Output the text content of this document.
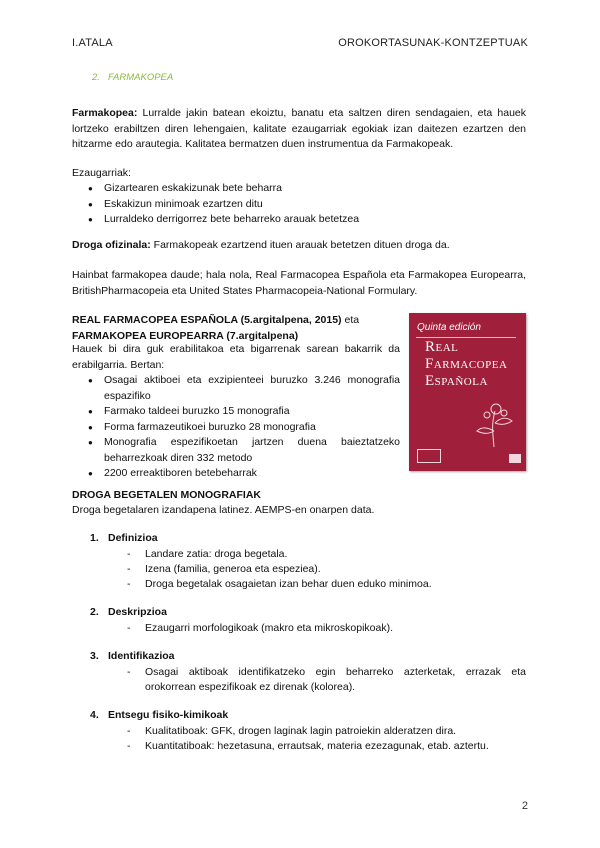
I.ATALA	OROKORTASUNAK-KONTZEPTUAK
2. FARMAKOPEA
Farmakopea: Lurralde jakin batean ekoiztu, banatu eta saltzen diren sendagaien, eta hauek lortzeko erabiltzen diren lehengaien, kalitate ezaugarriak egokiak izan daitezen ezartzen den hitzarme edo arautegia. Kalitatea bermatzen duen instrumentua da Farmakopeak.
Ezaugarriak:
● Gizartearen eskakizunak bete beharra
● Eskakizun minimoak ezartzen ditu
● Lurraldeko derrigorrez bete beharreko arauak betetzea
Droga ofizinala: Farmakopeak ezartzend ituen arauak betetzen dituen droga da.
Hainbat farmakopea daude; hala nola, Real Farmacopea Española eta Farmakopea Europearra, BritishPharmacopeia eta United States Pharmacopeia-National Formulary.
REAL FARMACOPEA ESPAÑOLA (5.argitalpena, 2015) eta
FARMAKOPEA EUROPEARRA (7.argitalpena)
Hauek bi dira guk erabilitakoa eta bigarrenak sarean bakarrik da erabilgarria. Bertan:
● Osagai aktiboei eta exzipienteei buruzko 3.246 monografia espazifiko
● Farmako taldeei buruzko 15 monografia
● Forma farmazeutikoei buruzko 28 monografia
● Monografia espezifikoetan jartzen duena baieztatzeko beharrezkoak diren 332 metodo
● 2200 erreaktiboren betebeharrak
Quinta edición
Real
Farmacopea
Española
DROGA BEGETALEN MONOGRAFIAK
Droga begetalaren izandapena latinez. AEMPS-en onarpen data.
1. Definizioa
- Landare zatia: droga begetala.
- Izena (familia, generoa eta espeziea).
- Droga begetalak osagaietan izan behar duen eduko minimoa.
2. Deskripzioa
- Ezaugarri morfologikoak (makro eta mikroskopikoak).
3. Identifikazioa
- Osagai aktiboak identifikatzeko egin beharreko azterketak, errazak eta orokorrean espezifikoak ez direnak (kolorea).
4. Entsegu fisiko-kimikoak
- Kualitatiboak: GFK, drogen laginak lagin patroiekin alderatzen dira.
- Kuantitatiboak: hezetasuna, errautsak, materia ezezagunak, etab. aztertu.
2
